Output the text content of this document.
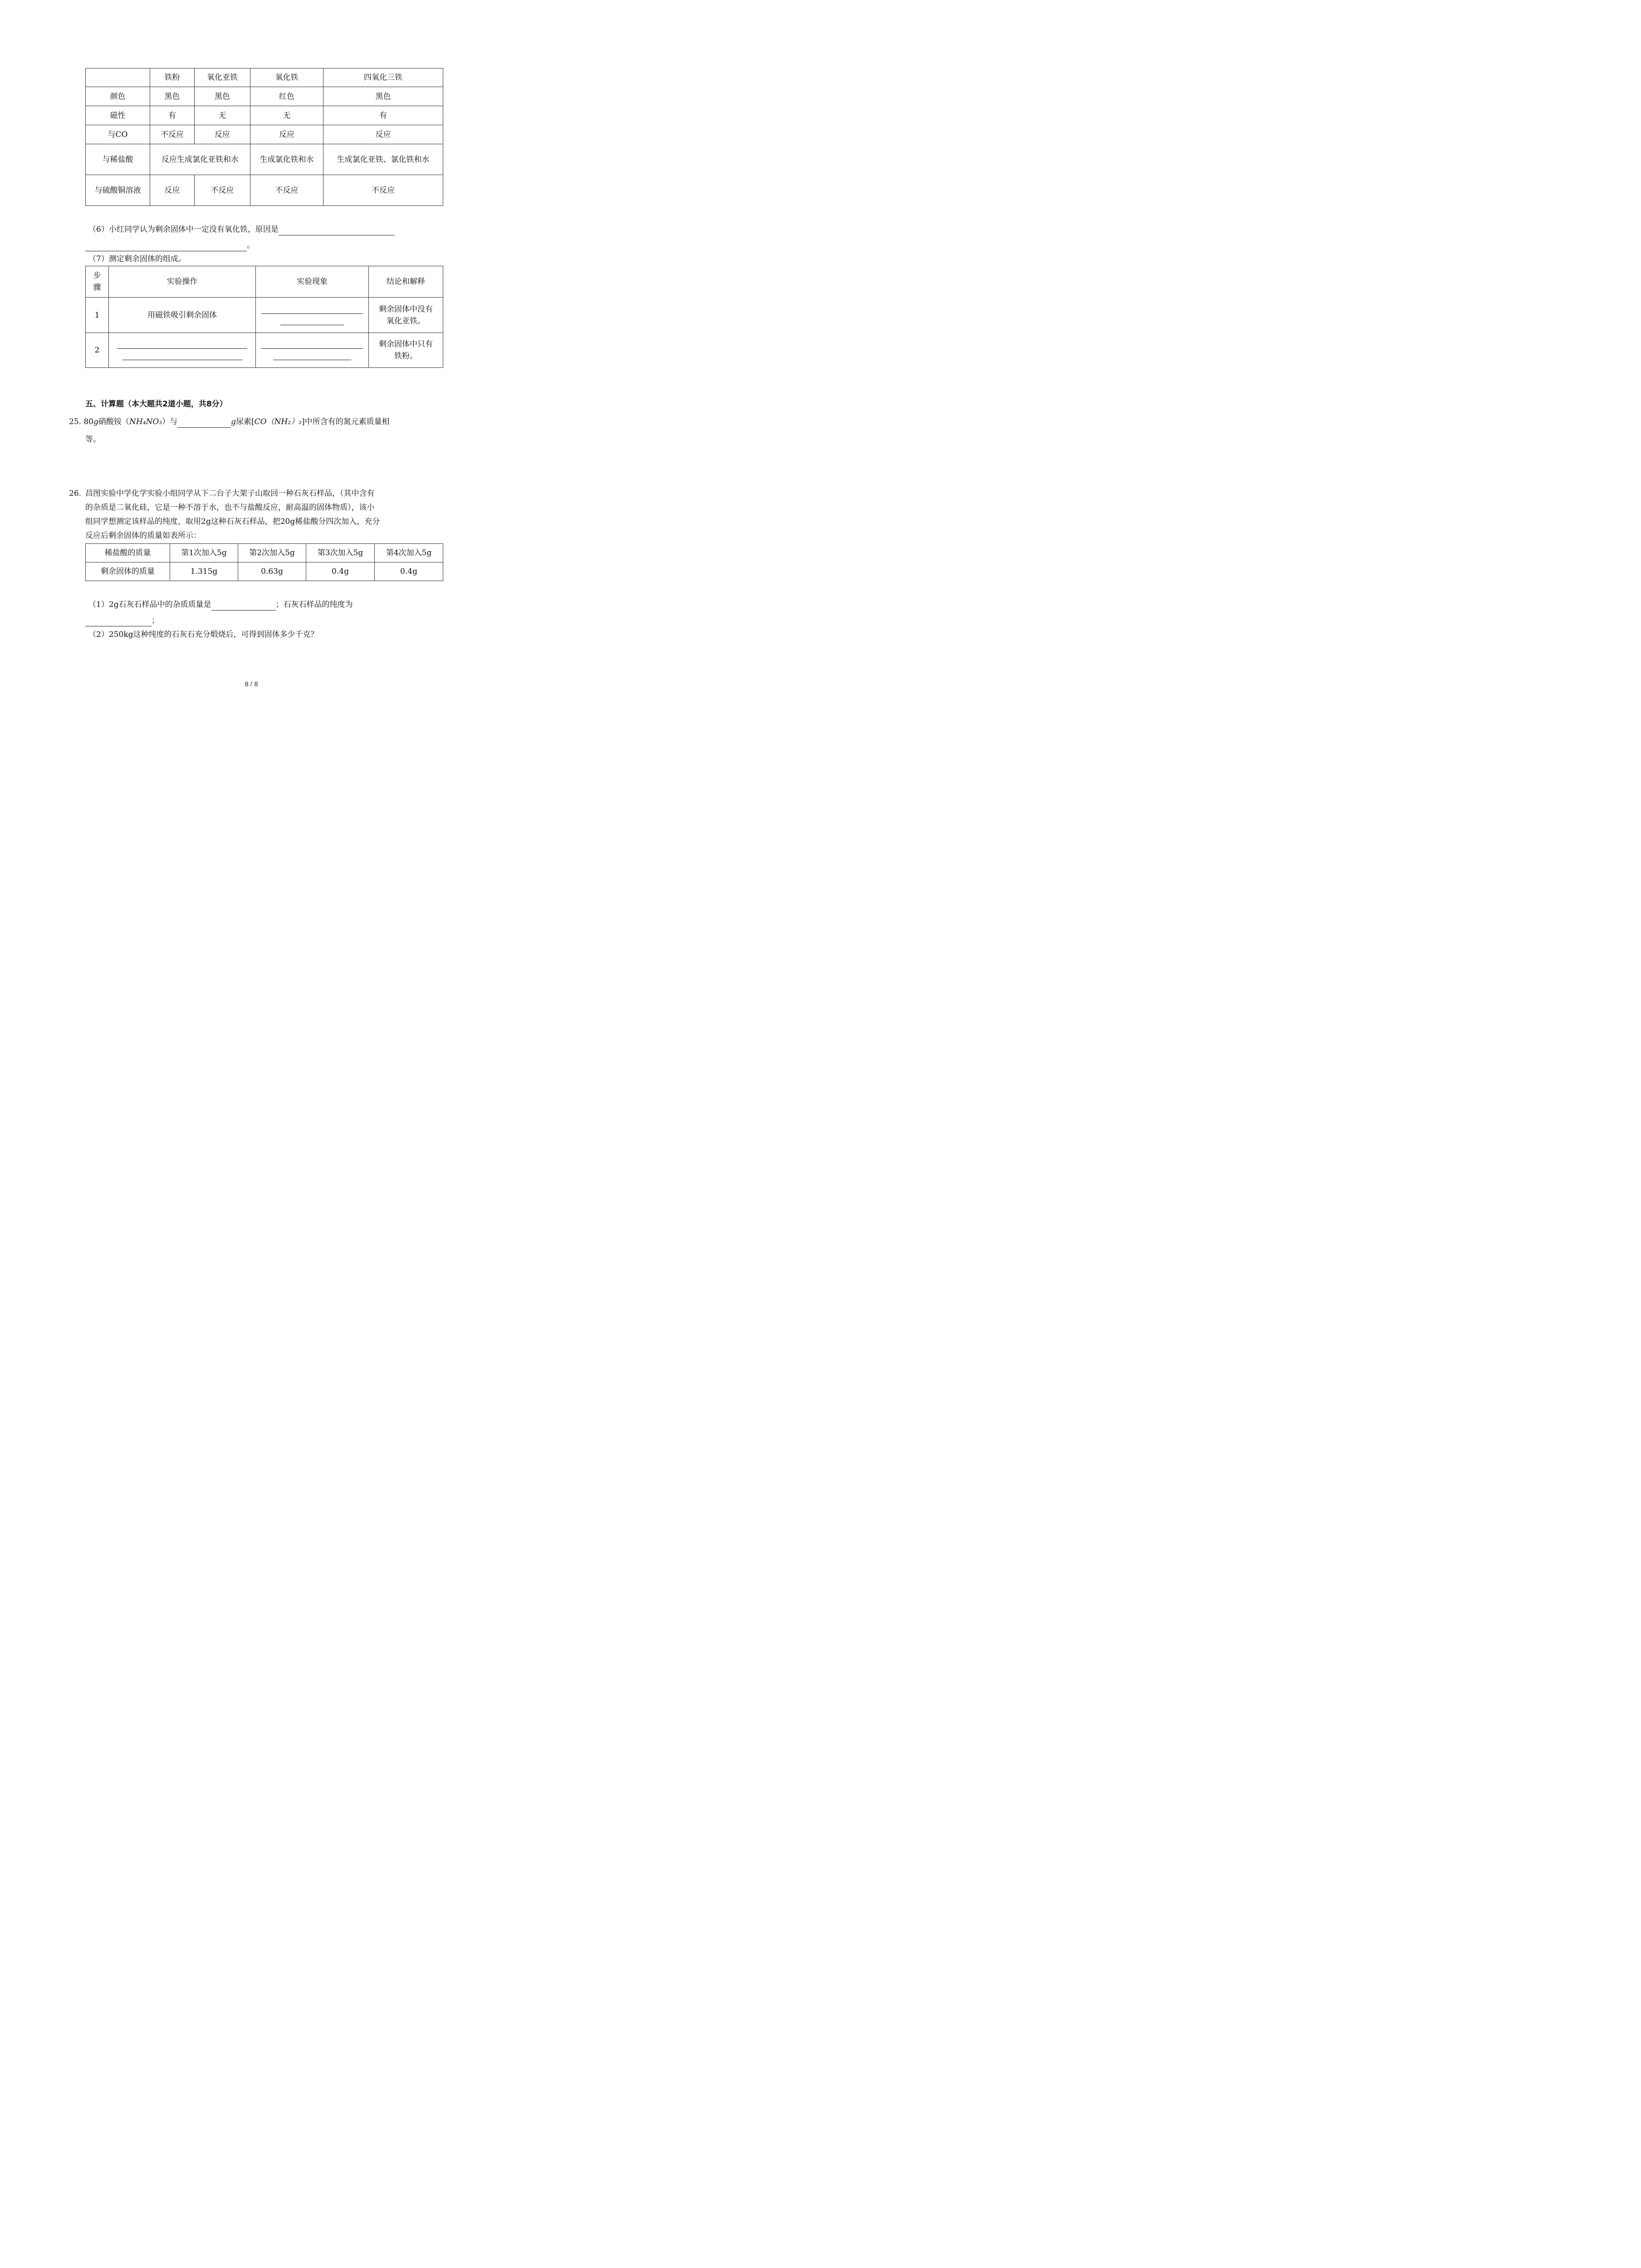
	铁粉	氧化亚铁	氧化铁	四氧化三铁
颜色	黑色	黑色	红色	黑色
磁性	有	无	无	有
与CO	不反应	反应	反应	反应
与稀盐酸	反应生成氯化亚铁和水		生成氯化铁和水	生成氯化亚铁、氯化铁和水
与硫酸铜溶液	反应	不反应	不反应	不反应
（6）小红同学认为剩余固体中一定没有氧化铁，原因是
。
（7）测定剩余固体的组成。
步骤	实验操作	实验现象	结论和解释
1	用磁铁吸引剩余固体		剩余固体中没有氧化亚铁。
2			剩余固体中只有铁粉。
五、计算题（本大题共2道小题，共8分）
25. 80g硝酸铵（NH₄NO₃）与	g尿素[CO（NH₂）₂]中所含有的氮元素质量相
等。
26. 昌图实验中学化学实验小组同学从下二台子大架子山取回一种石灰石样品，（其中含有
的杂质是二氧化硅，它是一种不溶于水，也不与盐酸反应，耐高温的固体物质），该小
组同学想测定该样品的纯度，取用2g这种石灰石样品，把20g稀盐酸分四次加入，充分
反应后剩余固体的质量如表所示：
稀盐酸的质量	第1次加入5g	第2次加入5g	第3次加入5g	第4次加入5g
剩余固体的质量	1.315g	0.63g	0.4g	0.4g
（1）2g石灰石样品中的杂质质量是	；石灰石样品的纯度为
；
（2）250kg这种纯度的石灰石充分煅烧后，可得到固体多少千克？
8 / 8
